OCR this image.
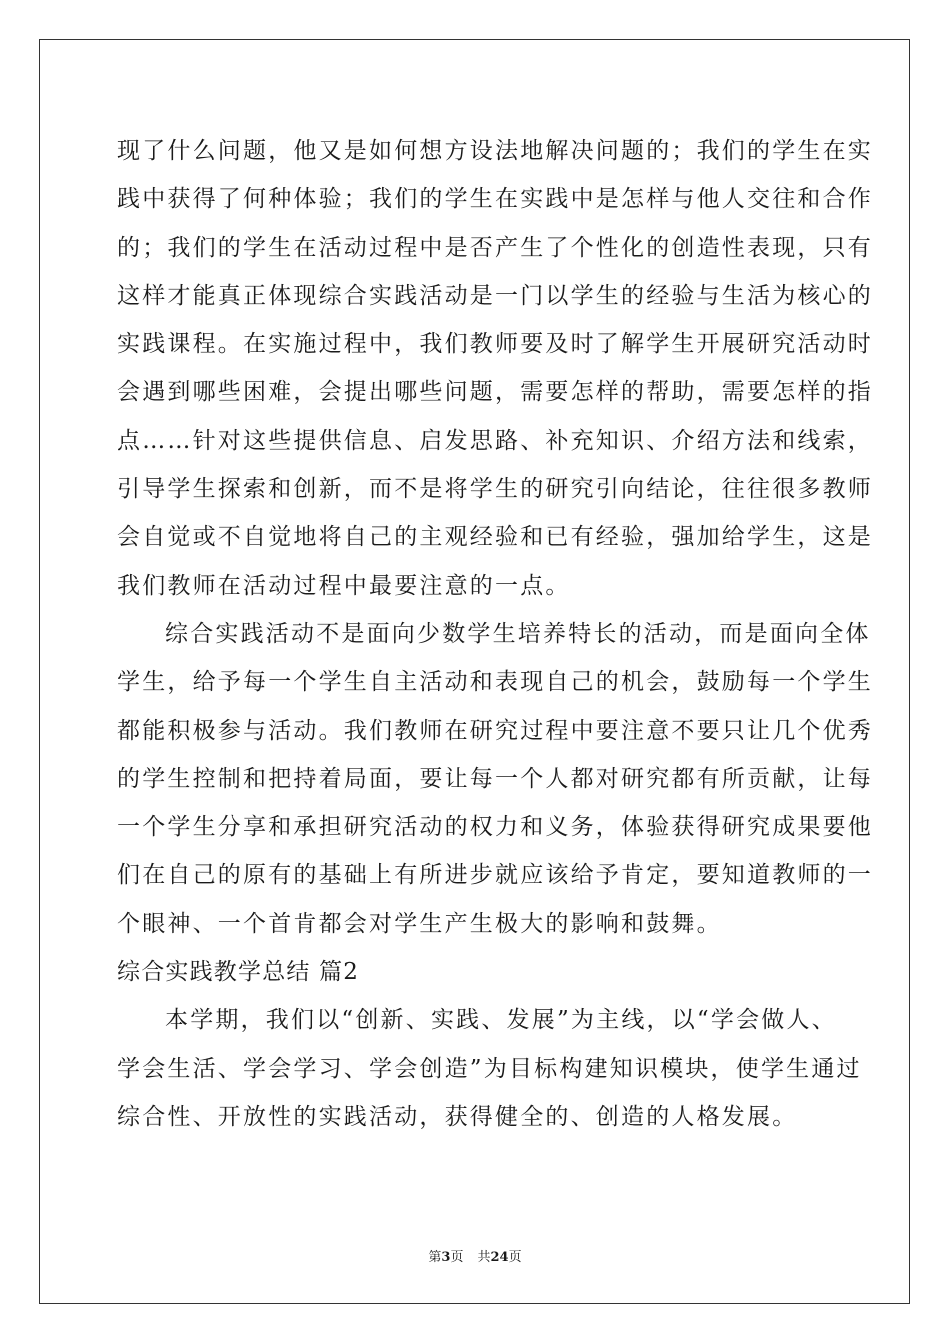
现了什么问题，他又是如何想方设法地解决问题的；我们的学生在实
践中获得了何种体验；我们的学生在实践中是怎样与他人交往和合作
的；我们的学生在活动过程中是否产生了个性化的创造性表现，只有
这样才能真正体现综合实践活动是一门以学生的经验与生活为核心的
实践课程。在实施过程中，我们教师要及时了解学生开展研究活动时
会遇到哪些困难，会提出哪些问题，需要怎样的帮助，需要怎样的指
点……针对这些提供信息、启发思路、补充知识、介绍方法和线索，
引导学生探索和创新，而不是将学生的研究引向结论，往往很多教师
会自觉或不自觉地将自己的主观经验和已有经验，强加给学生，这是
我们教师在活动过程中最要注意的一点。
综合实践活动不是面向少数学生培养特长的活动，而是面向全体
学生，给予每一个学生自主活动和表现自己的机会，鼓励每一个学生
都能积极参与活动。我们教师在研究过程中要注意不要只让几个优秀
的学生控制和把持着局面，要让每一个人都对研究都有所贡献，让每
一个学生分享和承担研究活动的权力和义务，体验获得研究成果要他
们在自己的原有的基础上有所进步就应该给予肯定，要知道教师的一
个眼神、一个首肯都会对学生产生极大的影响和鼓舞。
综合实践教学总结 篇2
本学期，我们以“创新、实践、发展”为主线，以“学会做人、
学会生活、学会学习、学会创造”为目标构建知识模块，使学生通过
综合性、开放性的实践活动，获得健全的、创造的人格发展。
第3页 共24页
